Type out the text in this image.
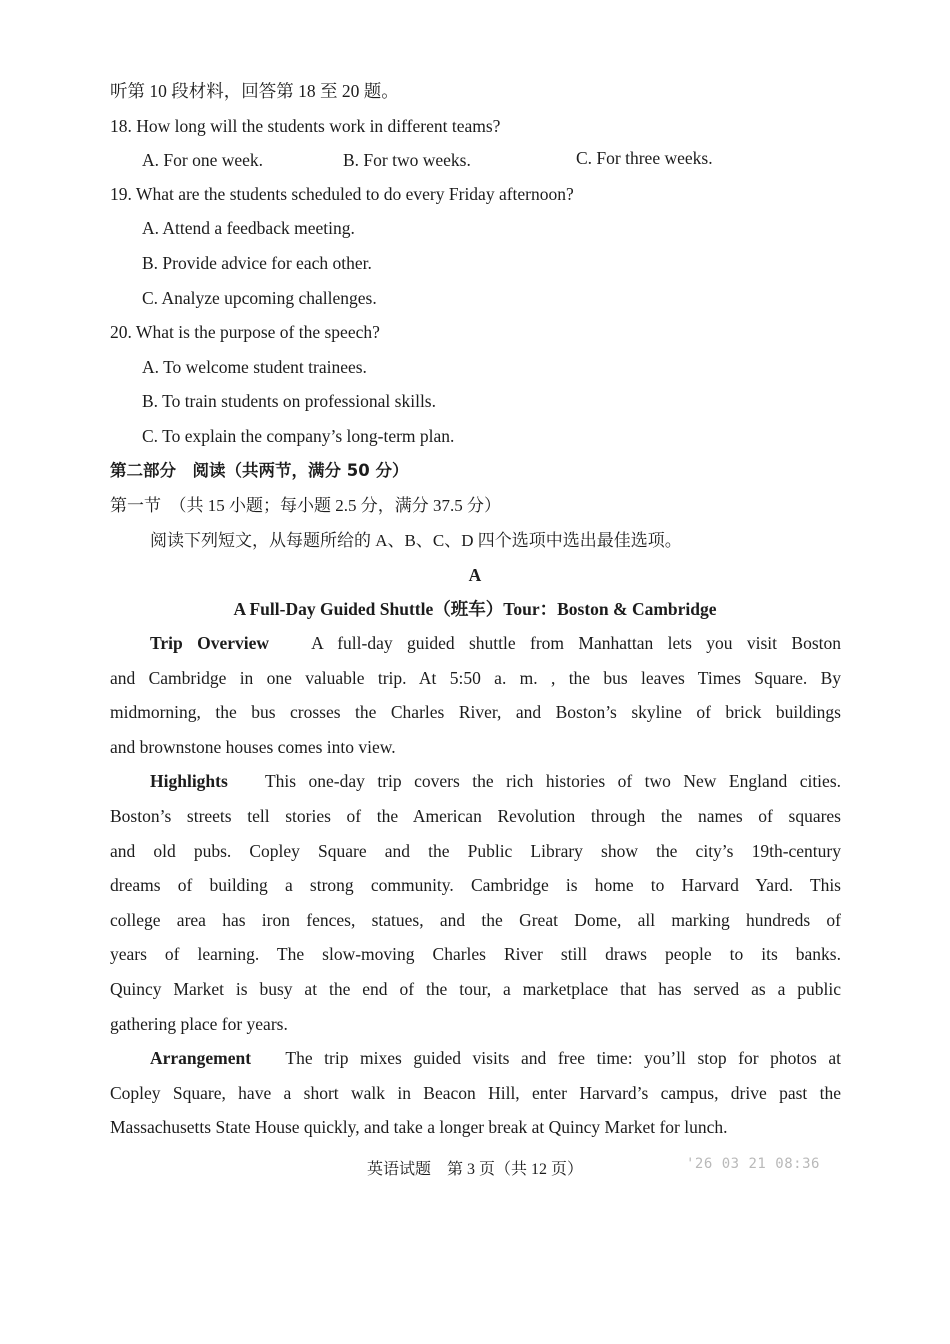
听第 10 段材料，回答第 18 至 20 题。
18. How long will the students work in different teams?
A. For one week.	B. For two weeks.	C. For three weeks.
19. What are the students scheduled to do every Friday afternoon?
A. Attend a feedback meeting.
B. Provide advice for each other.
C. Analyze upcoming challenges.
20. What is the purpose of the speech?
A. To welcome student trainees.
B. To train students on professional skills.
C. To explain the company’s long-term plan.
第二部分　阅读（共两节，满分 50 分）
第一节　（共 15 小题；每小题 2.5 分，满分 37.5 分）
阅读下列短文，从每题所给的 A、B、C、D 四个选项中选出最佳选项。
A
A Full-Day Guided Shuttle（班车）Tour：Boston & Cambridge
Trip Overview A full-day guided shuttle from Manhattan lets you visit Boston
and Cambridge in one valuable trip. At 5:50 a. m. , the bus leaves Times Square. By
midmorning, the bus crosses the Charles River, and Boston’s skyline of brick buildings
and brownstone houses comes into view.
Highlights This one-day trip covers the rich histories of two New England cities.
Boston’s streets tell stories of the American Revolution through the names of squares
and old pubs. Copley Square and the Public Library show the city’s 19th-century
dreams of building a strong community. Cambridge is home to Harvard Yard. This
college area has iron fences, statues, and the Great Dome, all marking hundreds of
years of learning. The slow-moving Charles River still draws people to its banks.
Quincy Market is busy at the end of the tour, a marketplace that has served as a public
gathering place for years.
Arrangement The trip mixes guided visits and free time: you’ll stop for photos at
Copley Square, have a short walk in Beacon Hill, enter Harvard’s campus, drive past the
Massachusetts State House quickly, and take a longer break at Quincy Market for lunch.
英语试题　第 3 页（共 12 页）	'26 03 21 08:36
